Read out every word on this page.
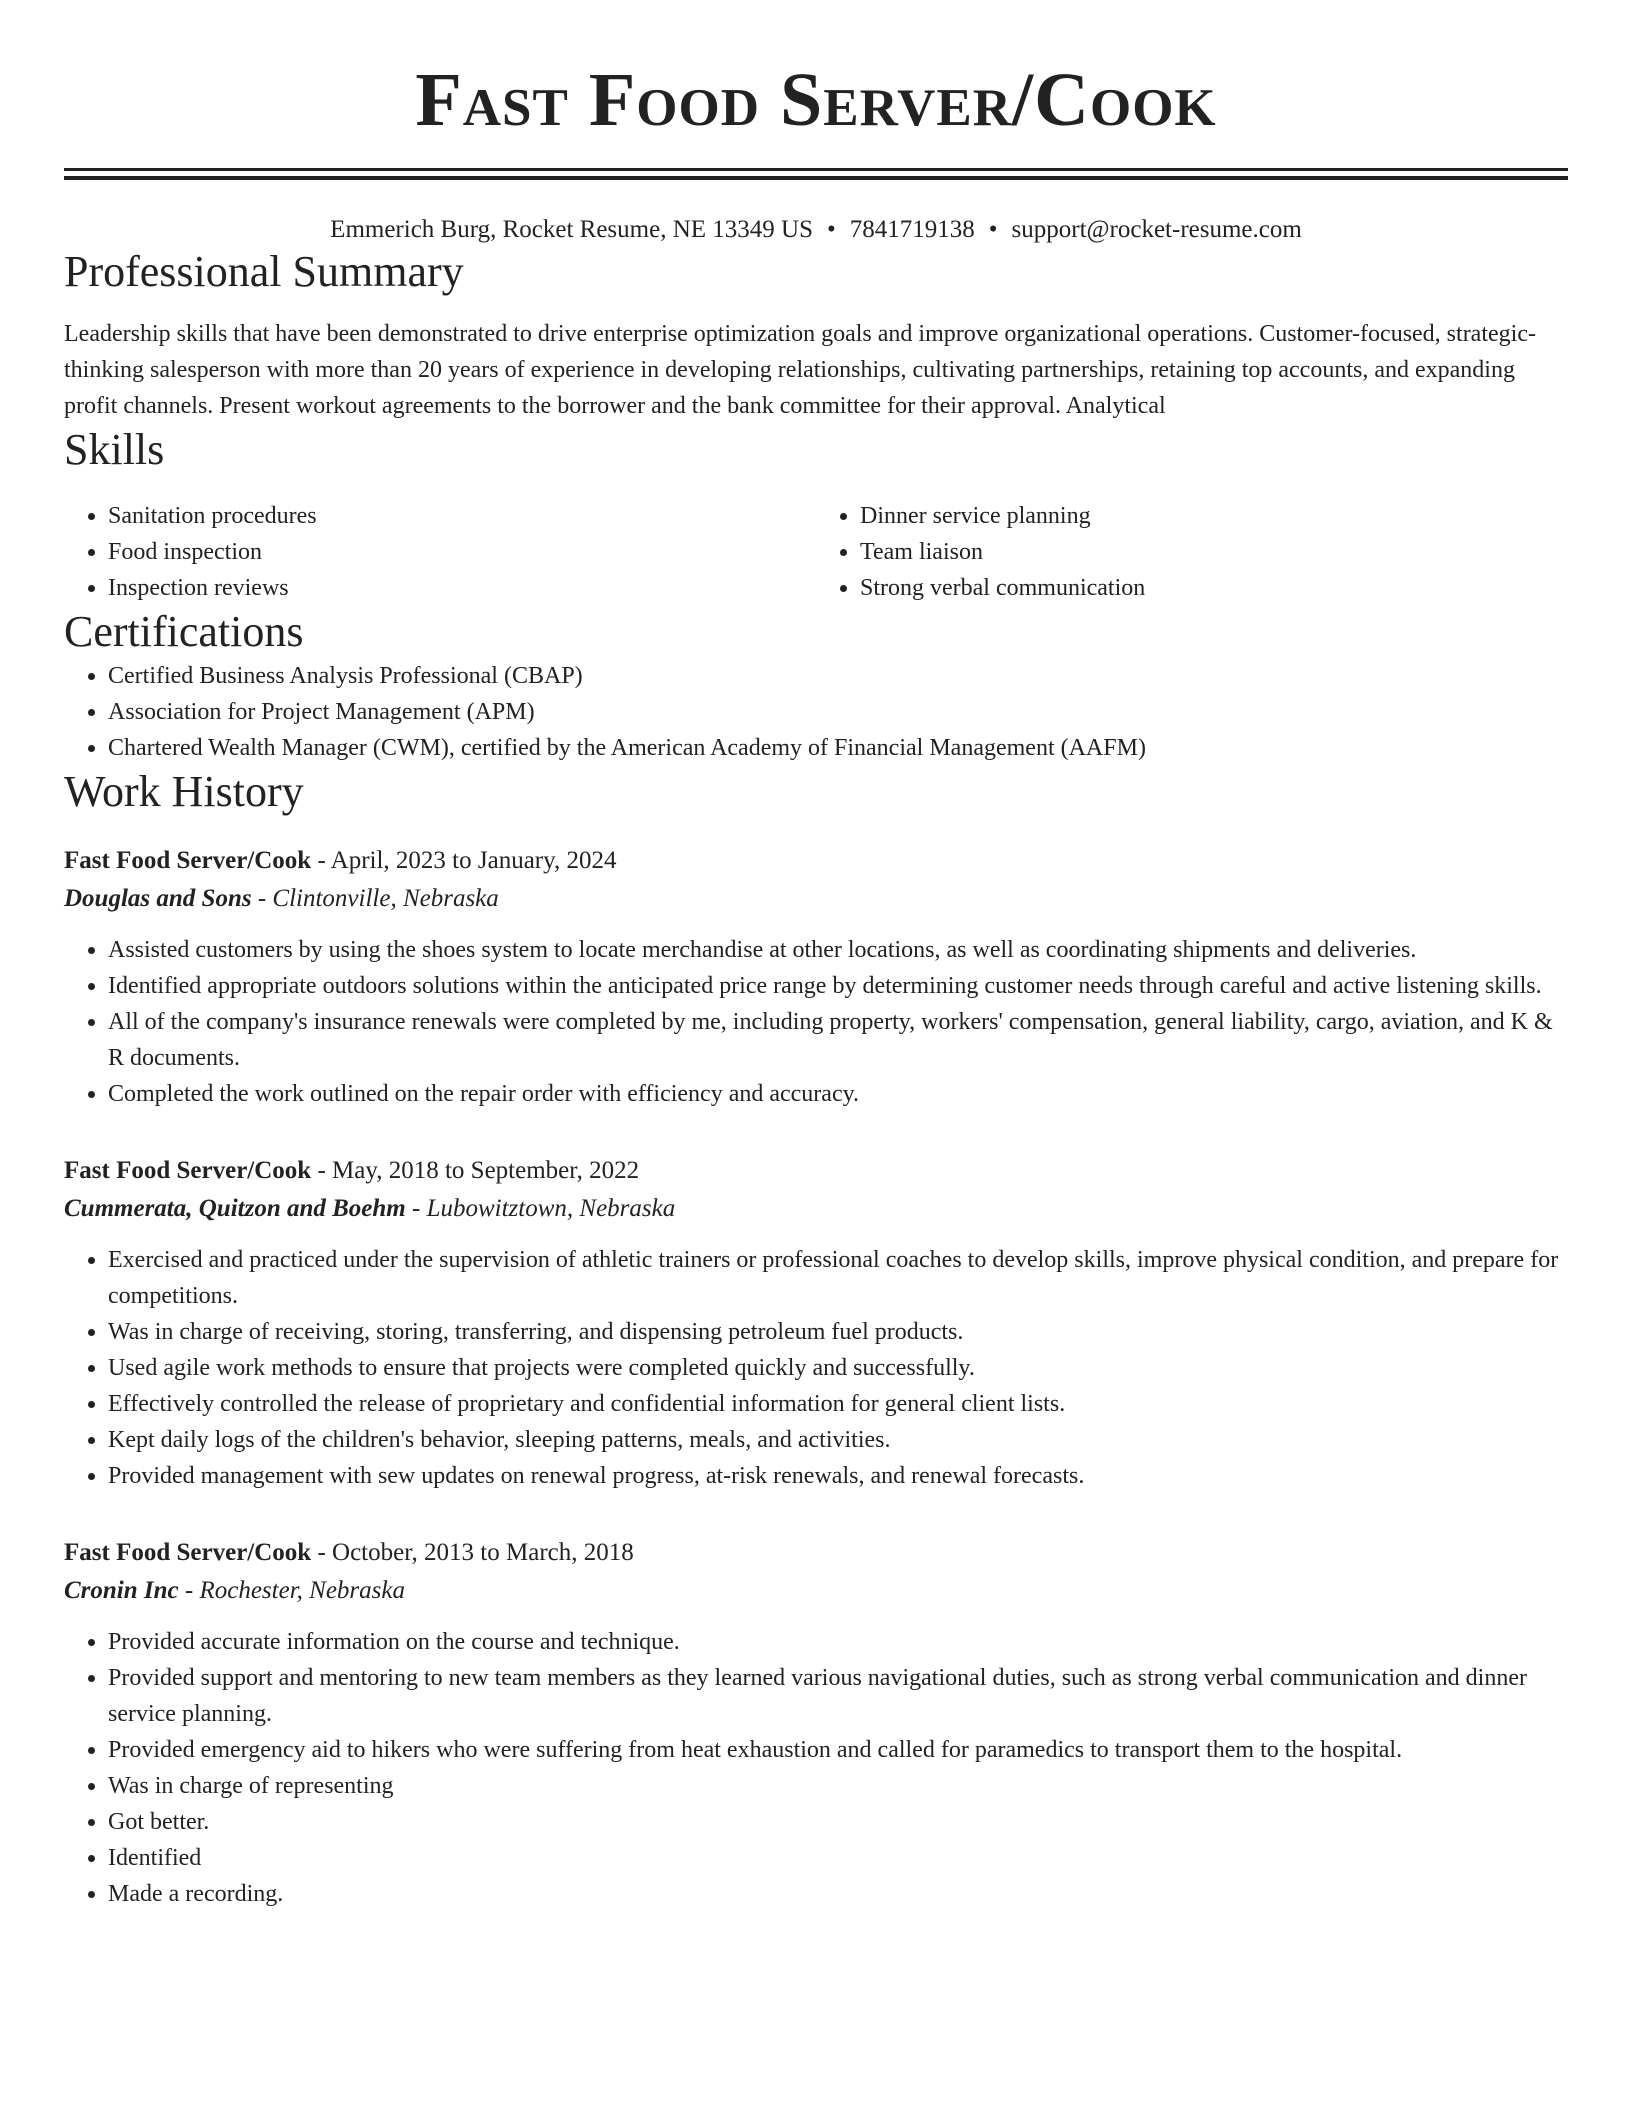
Fast Food Server/Cook
Emmerich Burg, Rocket Resume, NE 13349 US • 7841719138 • support@rocket-resume.com
Professional Summary

Leadership skills that have been demonstrated to drive enterprise optimization goals and improve organizational operations. Customer-focused, strategic-thinking salesperson with more than 20 years of experience in developing relationships, cultivating partnerships, retaining top accounts, and expanding profit channels. Present workout agreements to the borrower and the bank committee for their approval. Analytical

Skills
• Sanitation procedures
• Food inspection
• Inspection reviews
• Dinner service planning
• Team liaison
• Strong verbal communication
Certifications
• Certified Business Analysis Professional (CBAP)
• Association for Project Management (APM)
• Chartered Wealth Manager (CWM), certified by the American Academy of Financial Management (AAFM)
Work History
Fast Food Server/Cook - April, 2023 to January, 2024
Douglas and Sons - Clintonville, Nebraska
• Assisted customers by using the shoes system to locate merchandise at other locations, as well as coordinating shipments and deliveries.
• Identified appropriate outdoors solutions within the anticipated price range by determining customer needs through careful and active listening skills.
• All of the company's insurance renewals were completed by me, including property, workers' compensation, general liability, cargo, aviation, and K & R documents.
• Completed the work outlined on the repair order with efficiency and accuracy.
Fast Food Server/Cook - May, 2018 to September, 2022
Cummerata, Quitzon and Boehm - Lubowitztown, Nebraska
• Exercised and practiced under the supervision of athletic trainers or professional coaches to develop skills, improve physical condition, and prepare for competitions.
• Was in charge of receiving, storing, transferring, and dispensing petroleum fuel products.
• Used agile work methods to ensure that projects were completed quickly and successfully.
• Effectively controlled the release of proprietary and confidential information for general client lists.
• Kept daily logs of the children's behavior, sleeping patterns, meals, and activities.
• Provided management with sew updates on renewal progress, at-risk renewals, and renewal forecasts.
Fast Food Server/Cook - October, 2013 to March, 2018
Cronin Inc - Rochester, Nebraska
• Provided accurate information on the course and technique.
• Provided support and mentoring to new team members as they learned various navigational duties, such as strong verbal communication and dinner service planning.
• Provided emergency aid to hikers who were suffering from heat exhaustion and called for paramedics to transport them to the hospital.
• Was in charge of representing
• Got better.
• Identified
• Made a recording.
